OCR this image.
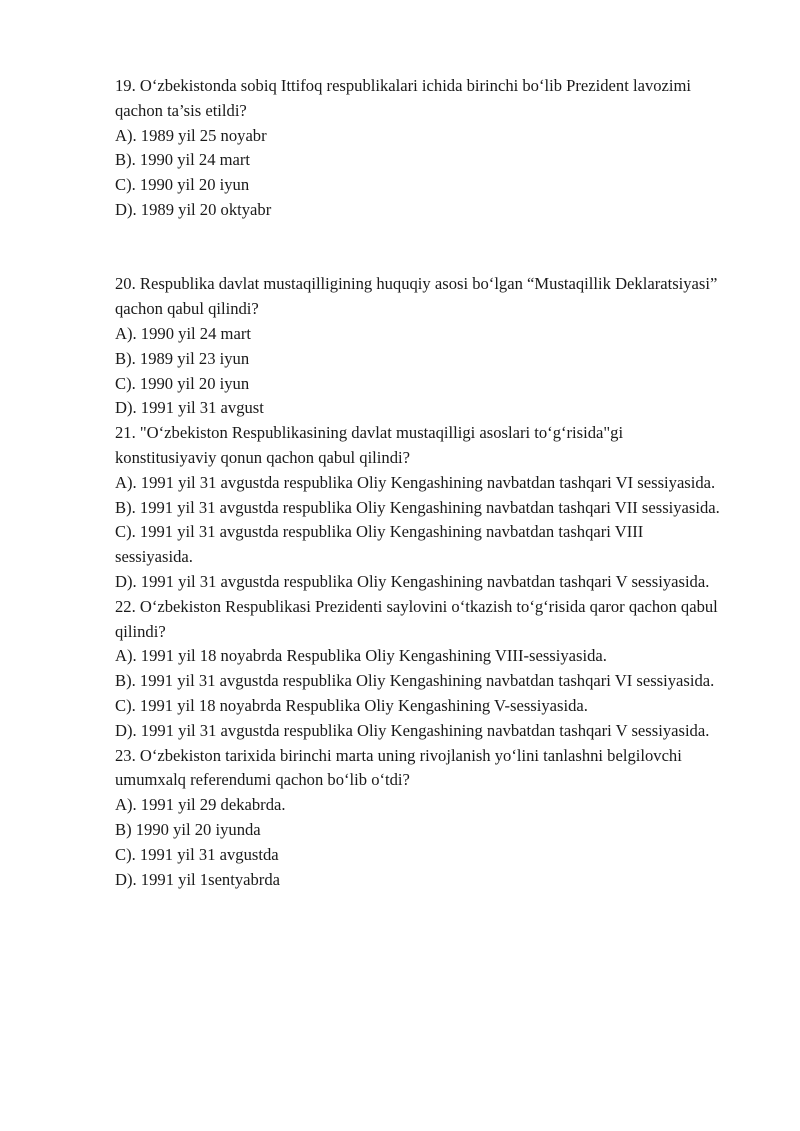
19. O‘zbekistonda sobiq Ittifoq respublikalari ichida birinchi bo‘lib Prezident lavozimi qachon ta’sis etildi?
A). 1989 yil 25 noyabr
B). 1990 yil 24 mart
C). 1990 yil 20 iyun
D). 1989 yil 20 oktyabr
20. Respublika davlat mustaqilligining huquqiy asosi bo‘lgan “Mustaqillik Deklaratsiyasi” qachon qabul qilindi?
A). 1990 yil 24 mart
B). 1989 yil 23 iyun
C). 1990 yil 20 iyun
D). 1991 yil 31 avgust
21. "O‘zbekiston Respublikasining davlat mustaqilligi asoslari to‘g‘risida"gi konstitusiyaviy qonun qachon qabul qilindi?
A). 1991 yil 31 avgustda respublika Oliy Kengashining navbatdan tashqari VI sessiyasida.
B). 1991 yil 31 avgustda respublika Oliy Kengashining navbatdan tashqari VII sessiyasida.
C). 1991 yil 31 avgustda respublika Oliy Kengashining navbatdan tashqari VIII sessiyasida.
D). 1991 yil 31 avgustda respublika Oliy Kengashining navbatdan tashqari V sessiyasida.
22. O‘zbekiston Respublikasi Prezidenti saylovini o‘tkazish to‘g‘risida qaror qachon qabul qilindi?
A). 1991 yil 18 noyabrda Respublika Oliy Kengashining VIII-sessiyasida.
B). 1991 yil 31 avgustda respublika Oliy Kengashining navbatdan tashqari VI sessiyasida.
C). 1991 yil 18 noyabrda Respublika Oliy Kengashining V-sessiyasida.
D). 1991 yil 31 avgustda respublika Oliy Kengashining navbatdan tashqari V sessiyasida.
23. O‘zbekiston tarixida birinchi marta uning rivojlanish yo‘lini tanlashni belgilovchi umumxalq referendumi qachon bo‘lib o‘tdi?
A). 1991 yil 29 dekabrda.
B) 1990 yil 20 iyunda
C). 1991 yil 31 avgustda
D). 1991 yil 1sentyabrda
